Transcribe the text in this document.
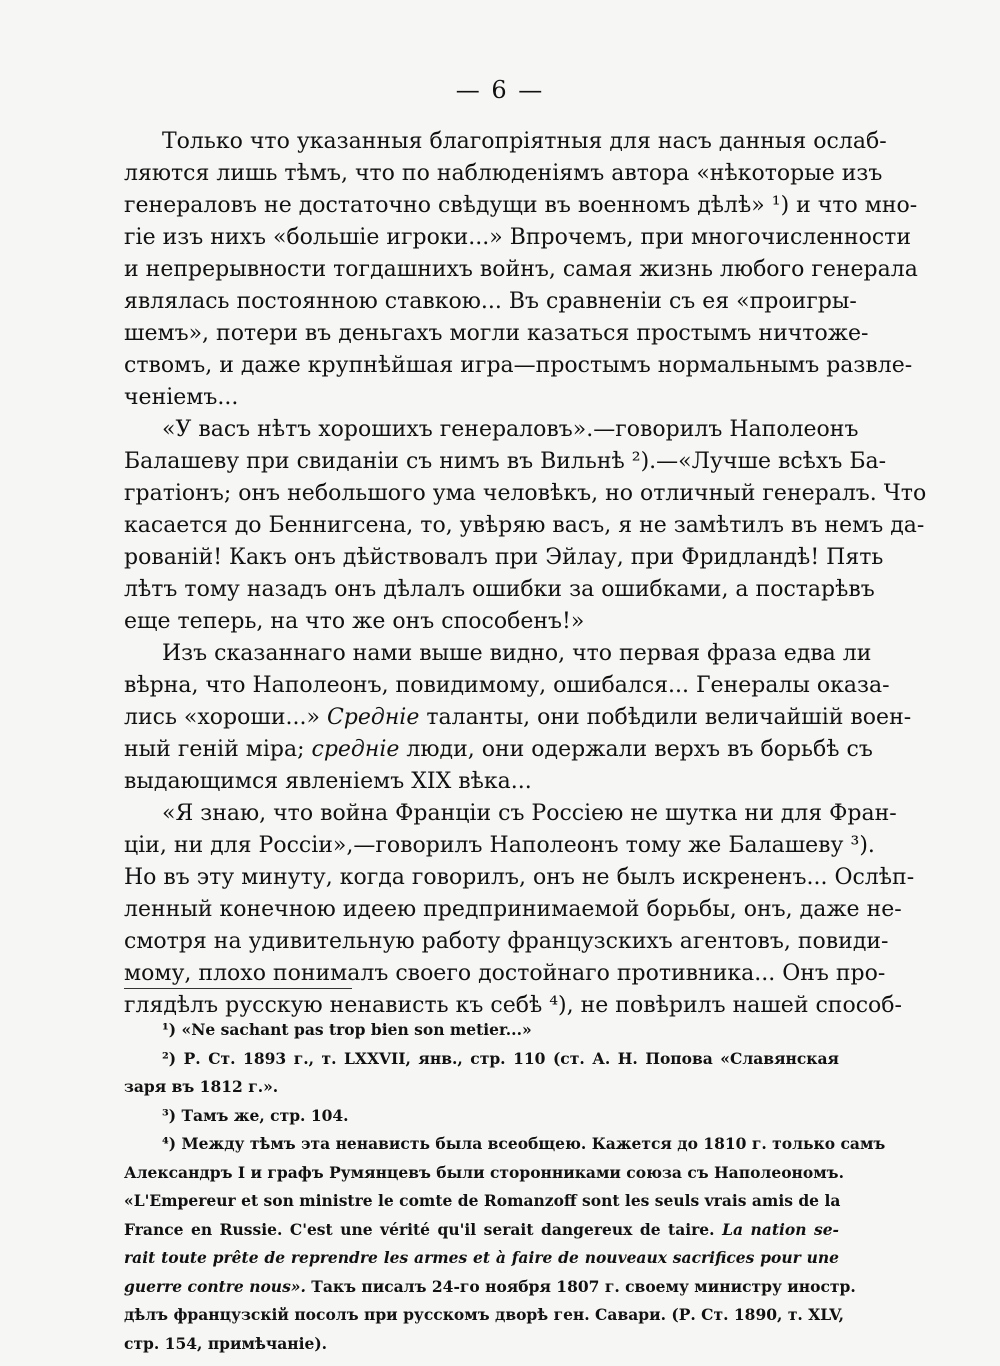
— 6 —
Только что указанныя благопріятныя для насъ данныя ослаб-
ляются лишь тѣмъ, что по наблюденіямъ автора «нѣкоторые изъ
генераловъ не достаточно свѣдущи въ военномъ дѣлѣ» ¹) и что мно-
гіе изъ нихъ «большіе игроки...» Впрочемъ, при многочисленности
и непрерывности тогдашнихъ войнъ, самая жизнь любого генерала
являлась постоянною ставкою... Въ сравненіи съ ея «проигры-
шемъ», потери въ деньгахъ могли казаться простымъ ничтоже-
ствомъ, и даже крупнѣйшая игра—простымъ нормальнымъ развле-
ченіемъ...
«У васъ нѣтъ хорошихъ генераловъ».—говорилъ Наполеонъ
Балашеву при свиданіи съ нимъ въ Вильнѣ ²).—«Лучше всѣхъ Ба-
гратіонъ; онъ небольшого ума человѣкъ, но отличный генералъ. Что
касается до Беннигсена, то, увѣряю васъ, я не замѣтилъ въ немъ да-
рованій! Какъ онъ дѣйствовалъ при Эйлау, при Фридландѣ! Пять
лѣтъ тому назадъ онъ дѣлалъ ошибки за ошибками, а постарѣвъ
еще теперь, на что же онъ способенъ!»
Изъ сказаннаго нами выше видно, что первая фраза едва ли
вѣрна, что Наполеонъ, повидимому, ошибался... Генералы оказа-
лись «хороши...» Средніе таланты, они побѣдили величайшій воен-
ный геній міра; средніе люди, они одержали верхъ въ борьбѣ съ
выдающимся явленіемъ XIX вѣка...
«Я знаю, что война Франціи съ Россіею не шутка ни для Фран-
ціи, ни для Россіи»,—говорилъ Наполеонъ тому же Балашеву ³).
Но въ эту минуту, когда говорилъ, онъ не былъ искрененъ... Ослѣп-
ленный конечною идеею предпринимаемой борьбы, онъ, даже не-
смотря на удивительную работу французскихъ агентовъ, повиди-
мому, плохо понималъ своего достойнаго противника... Онъ про-
глядѣлъ русскую ненависть къ себѣ ⁴), не повѣрилъ нашей способ-
¹) «Ne sachant pas trop bien son metier...»
²) Р. Ст. 1893 г., т. LXXVII, янв., стр. 110 (ст. А. Н. Попова «Славянская
заря въ 1812 г.».
³) Тамъ же, стр. 104.
⁴) Между тѣмъ эта ненависть была всеобщею. Кажется до 1810 г. только самъ
Александръ I и графъ Румянцевъ были сторонниками союза съ Наполеономъ.
«L'Empereur et son ministre le comte de Romanzoff sont les seuls vrais amis de la
France en Russie. C'est une vérité qu'il serait dangereux de taire. La nation se-
rait toute prête de reprendre les armes et à faire de nouveaux sacrifices pour une
guerre contre nous». Такъ писалъ 24-го ноября 1807 г. своему министру иностр.
дѣлъ французскій посолъ при русскомъ дворѣ ген. Савари. (Р. Ст. 1890, т. XLV,
стр. 154, примѣчаніе).
